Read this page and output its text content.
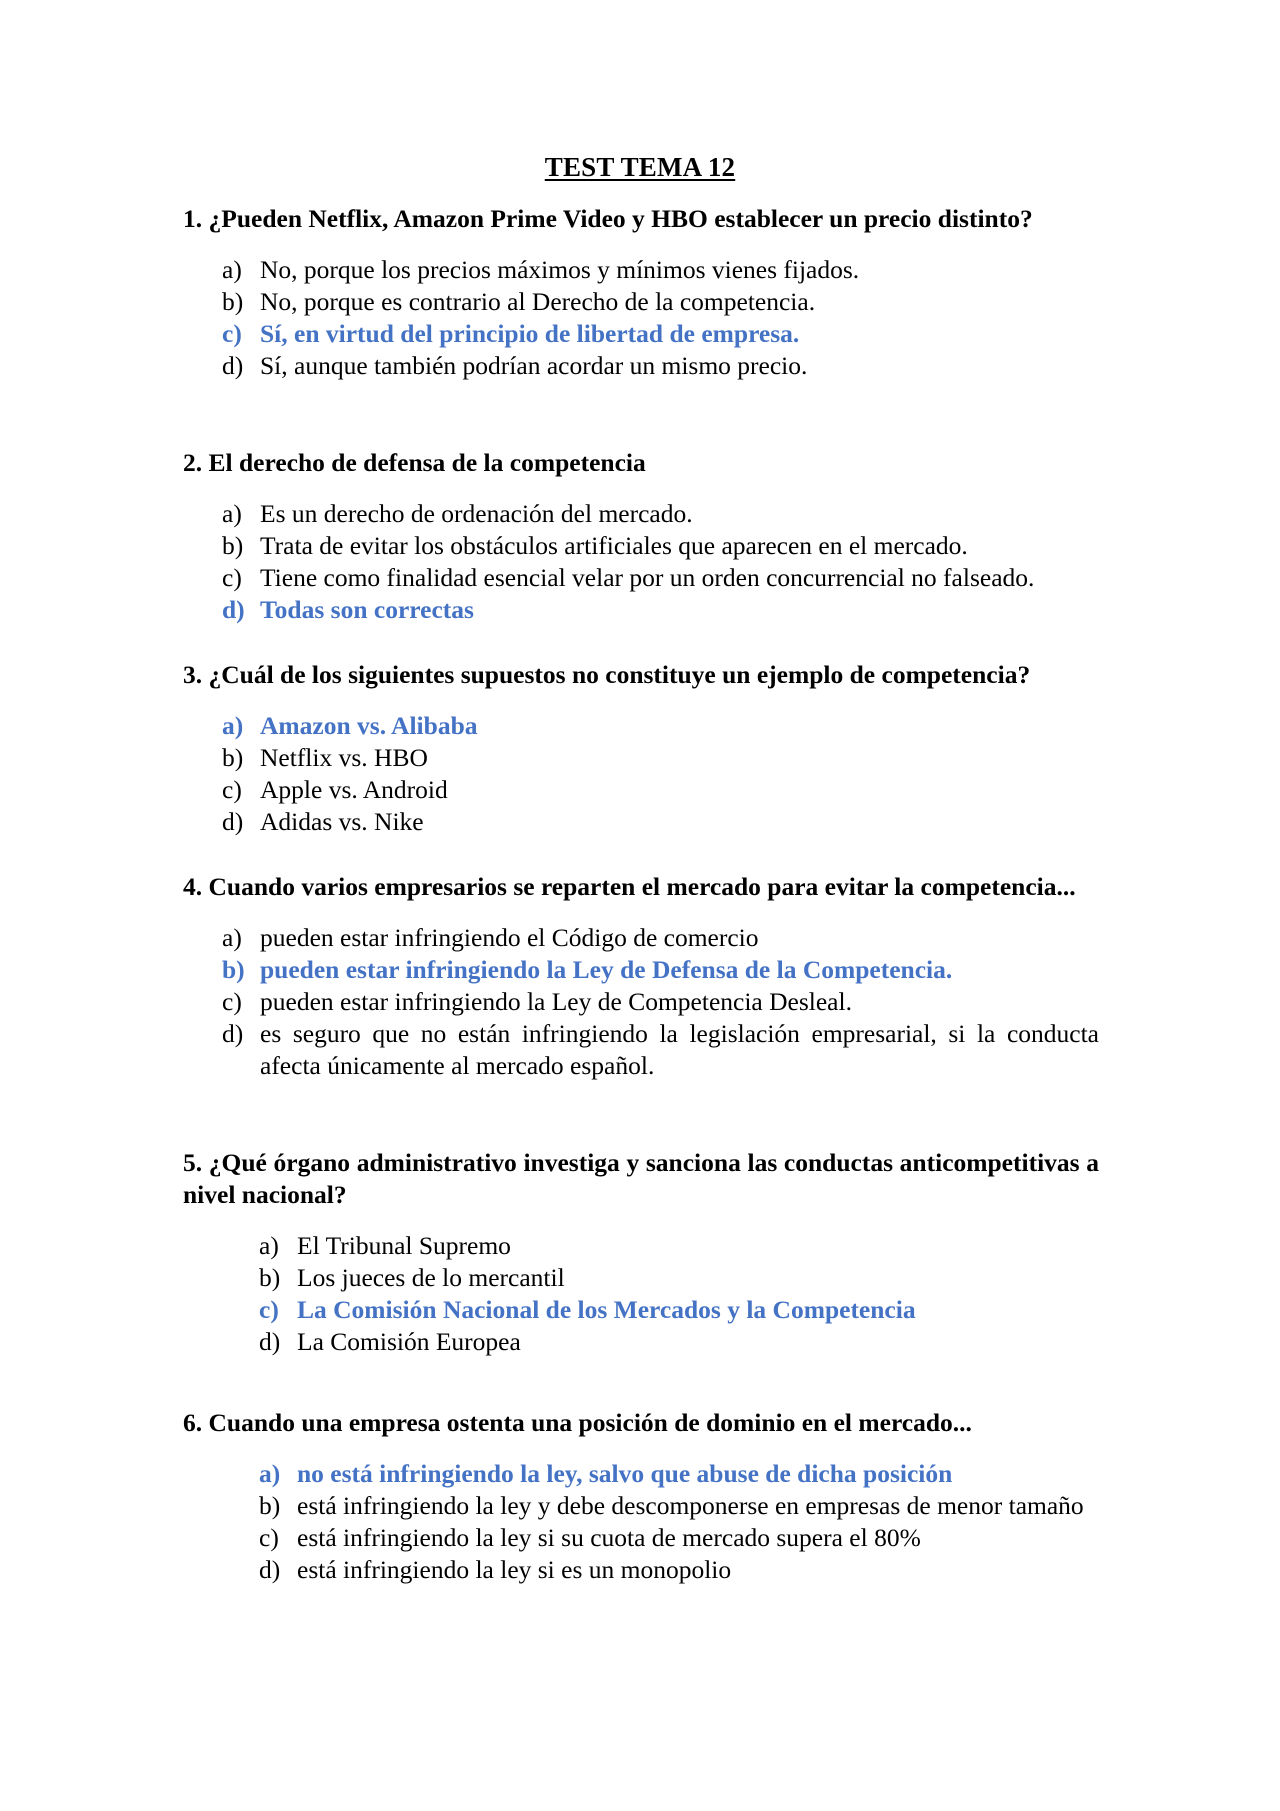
TEST TEMA 12

1. ¿Pueden Netflix, Amazon Prime Video y HBO establecer un precio distinto?

a) No, porque los precios máximos y mínimos vienes fijados.
b) No, porque es contrario al Derecho de la competencia.
c) Sí, en virtud del principio de libertad de empresa.
d) Sí, aunque también podrían acordar un mismo precio.

2. El derecho de defensa de la competencia

a) Es un derecho de ordenación del mercado.
b) Trata de evitar los obstáculos artificiales que aparecen en el mercado.
c) Tiene como finalidad esencial velar por un orden concurrencial no falseado.
d) Todas son correctas

3. ¿Cuál de los siguientes supuestos no constituye un ejemplo de competencia?

a) Amazon vs. Alibaba
b) Netflix vs. HBO
c) Apple vs. Android
d) Adidas vs. Nike

4. Cuando varios empresarios se reparten el mercado para evitar la competencia...

a) pueden estar infringiendo el Código de comercio
b) pueden estar infringiendo la Ley de Defensa de la Competencia.
c) pueden estar infringiendo la Ley de Competencia Desleal.
d) es seguro que no están infringiendo la legislación empresarial, si la conducta afecta únicamente al mercado español.

5. ¿Qué órgano administrativo investiga y sanciona las conductas anticompetitivas a nivel nacional?

a) El Tribunal Supremo
b) Los jueces de lo mercantil
c) La Comisión Nacional de los Mercados y la Competencia
d) La Comisión Europea

6. Cuando una empresa ostenta una posición de dominio en el mercado...

a) no está infringiendo la ley, salvo que abuse de dicha posición
b) está infringiendo la ley y debe descomponerse en empresas de menor tamaño
c) está infringiendo la ley si su cuota de mercado supera el 80%
d) está infringiendo la ley si es un monopolio
